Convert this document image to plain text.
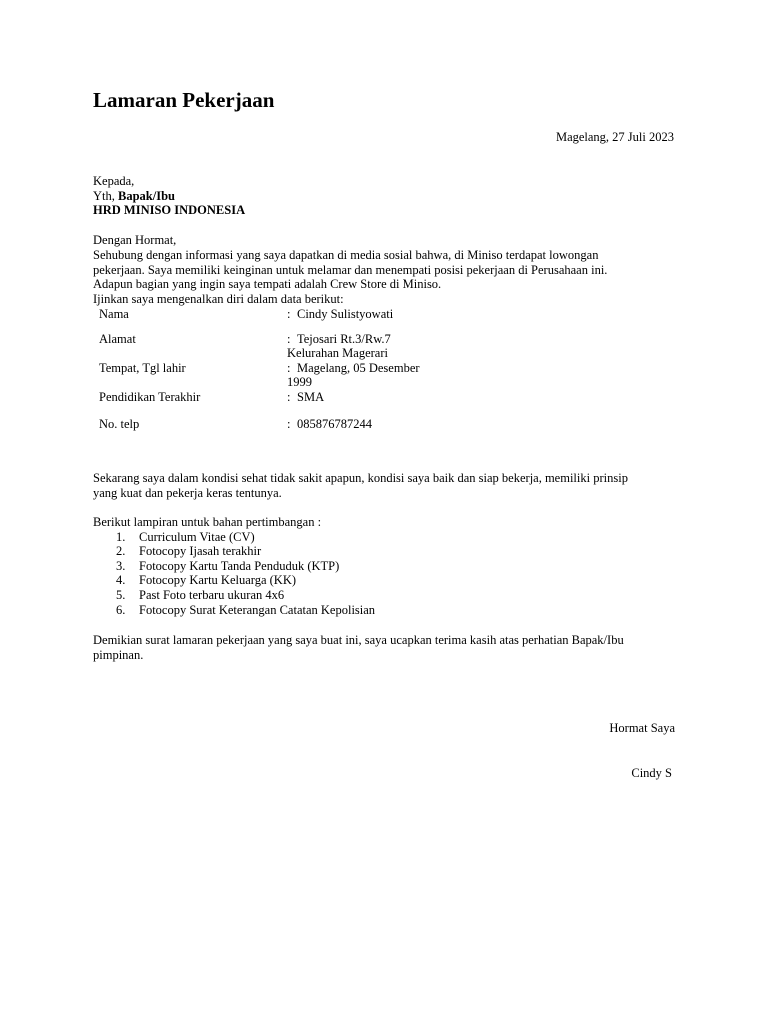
Lamaran Pekerjaan
Magelang, 27 Juli 2023
Kepada,
Yth, Bapak/Ibu
HRD MINISO INDONESIA
Dengan Hormat,
Sehubung dengan informasi yang saya dapatkan di media sosial bahwa, di Miniso terdapat lowongan
pekerjaan. Saya memiliki keinginan untuk melamar dan menempati posisi pekerjaan di Perusahaan ini.
Adapun bagian yang ingin saya tempati adalah Crew Store di Miniso.
Ijinkan saya mengenalkan diri dalam data berikut:
Nama	: Cindy Sulistyowati
Alamat	: Tejosari Rt.3/Rw.7
Kelurahan Magerari
Tempat, Tgl lahir	: Magelang, 05 Desember
1999
Pendidikan Terakhir	: SMA
No. telp	: 085876787244
Sekarang saya dalam kondisi sehat tidak sakit apapun, kondisi saya baik dan siap bekerja, memiliki prinsip
yang kuat dan pekerja keras tentunya.
Berikut lampiran untuk bahan pertimbangan :
1. Curriculum Vitae (CV)
2. Fotocopy Ijasah terakhir
3. Fotocopy Kartu Tanda Penduduk (KTP)
4. Fotocopy Kartu Keluarga (KK)
5. Past Foto terbaru ukuran 4x6
6. Fotocopy Surat Keterangan Catatan Kepolisian
Demikian surat lamaran pekerjaan yang saya buat ini, saya ucapkan terima kasih atas perhatian Bapak/Ibu
pimpinan.
Hormat Saya
Cindy S
